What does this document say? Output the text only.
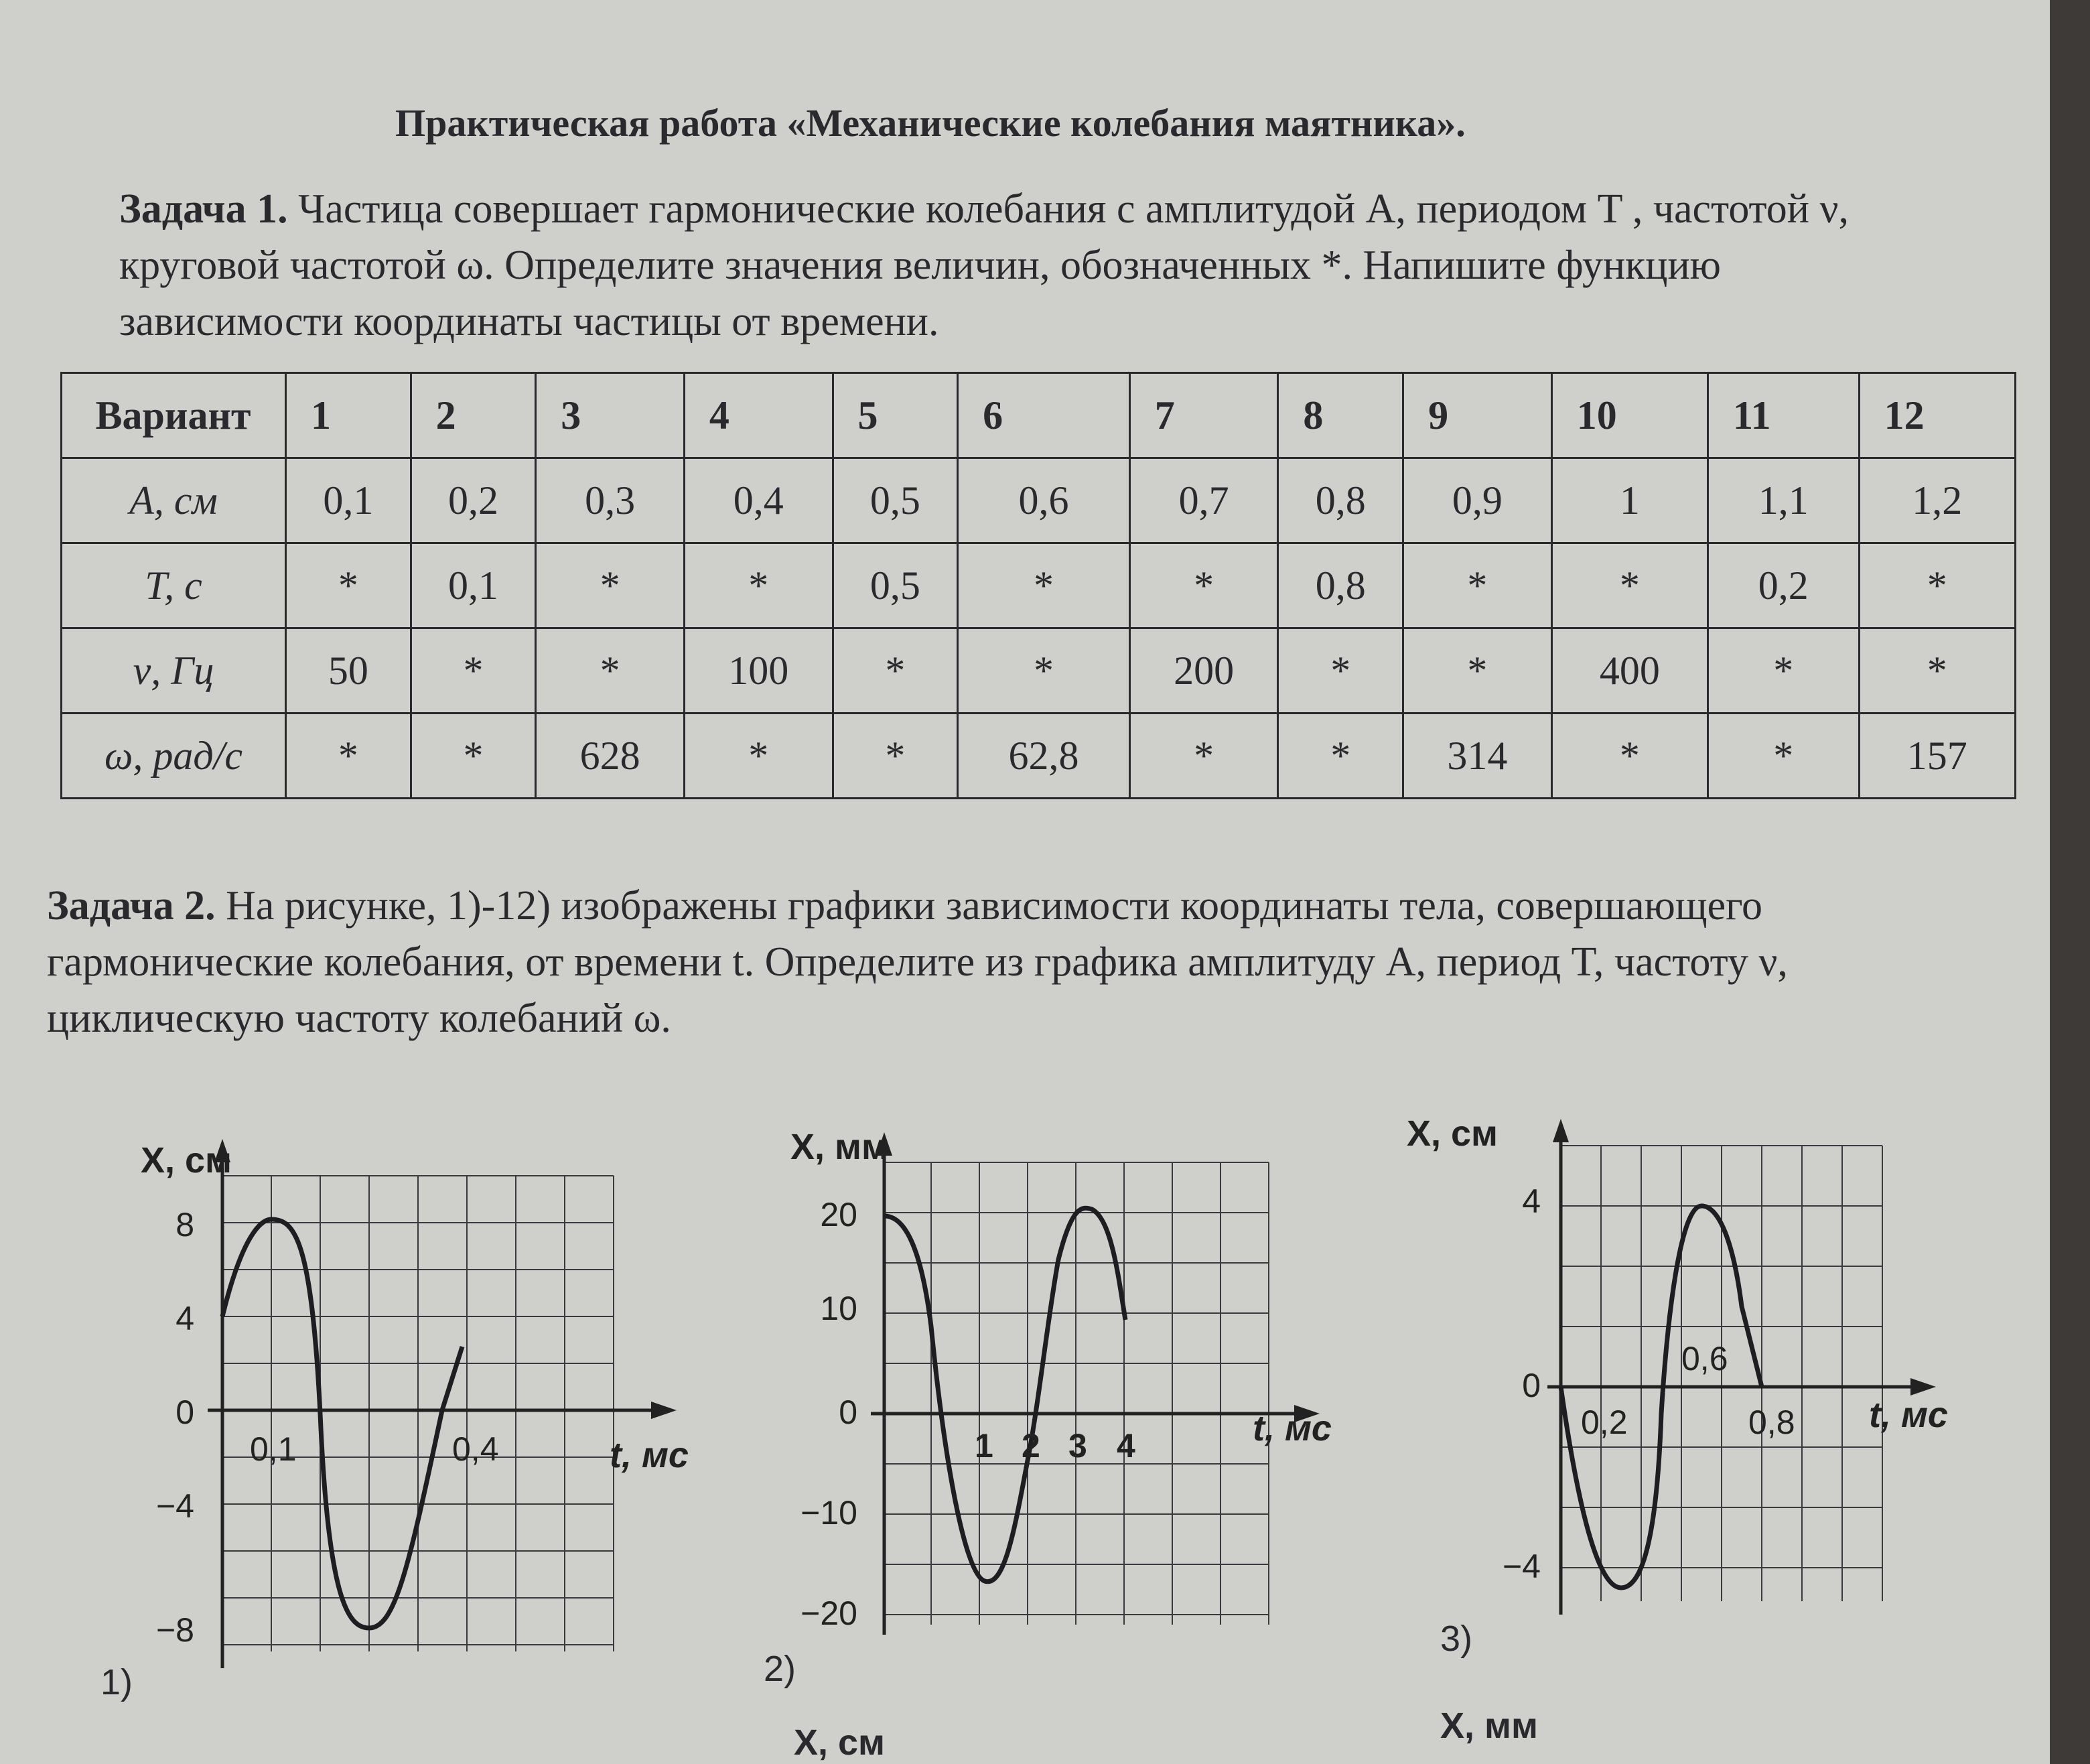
Практическая работа «Механические колебания маятника».
Задача 1. Частица совершает гармонические колебания с амплитудой A, периодом T , частотой ν, круговой частотой ω. Определите значения величин, обозначенных *. Напишите функцию зависимости координаты частицы от времени.
Вариант	1	2	3	4	5	6	7	8	9	10	11	12
A, см	0,1	0,2	0,3	0,4	0,5	0,6	0,7	0,8	0,9	1	1,1	1,2
T, с	*	0,1	*	*	0,5	*	*	0,8	*	*	0,2	*
ν, Гц	50	*	*	100	*	*	200	*	*	400	*	*
ω, рад/с	*	*	628	*	*	62,8	*	*	314	*	*	157
Задача 2. На рисунке, 1)-12) изображены графики зависимости координаты тела, совершающего гармонические колебания, от времени t. Определите из графика амплитуду A, период T, частоту ν, циклическую частоту колебаний ω.
X, см
t, мс
8
4
0
−4
−8
0,1	0,4
1)
X, мм
t, мс
20
10
0
−10
−20
1 2 3 4
2)
X, см
t, мс
4
0
−4
0,2
0,6
0,8
3)
X, см	X, мм
